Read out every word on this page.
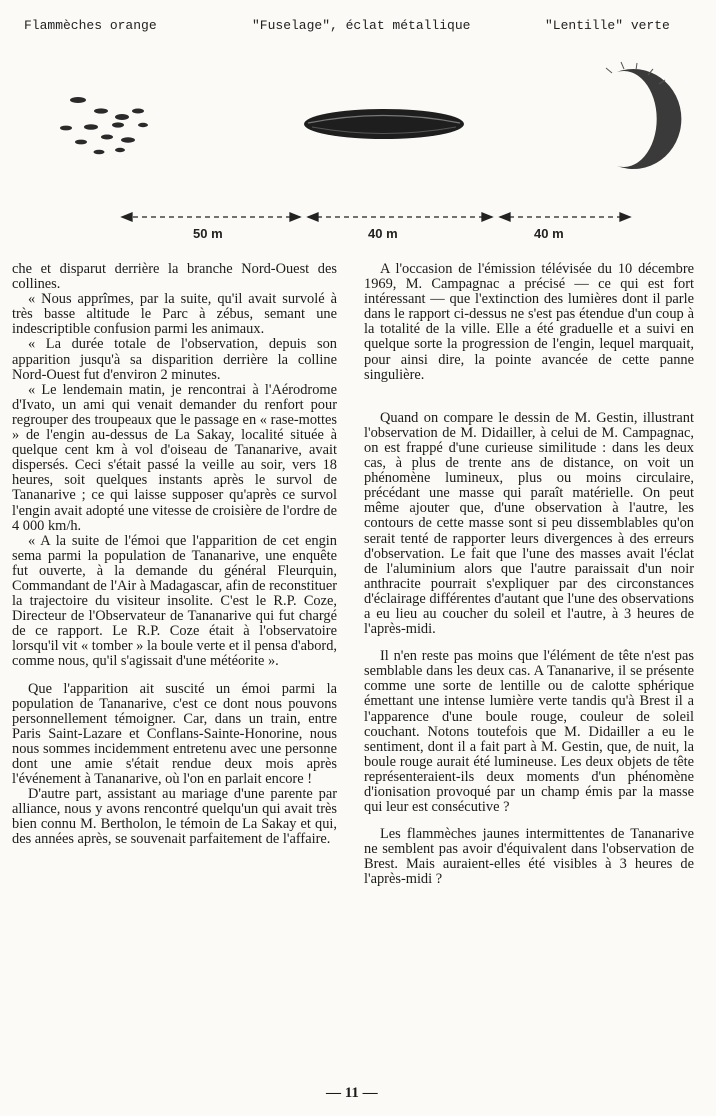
Flammèches orange	"Fuselage", éclat métallique	"Lentille" verte
50 m	40 m	40 m

che et disparut derrière la branche Nord-Ouest des collines.

« Nous apprîmes, par la suite, qu'il avait survolé à très basse altitude le Parc à zébus, semant une indescriptible confusion parmi les animaux.

« La durée totale de l'observation, depuis son apparition jusqu'à sa disparition derrière la colline Nord-Ouest fut d'environ 2 minutes.

« Le lendemain matin, je rencontrai à l'Aérodrome d'Ivato, un ami qui venait demander du renfort pour regrouper des troupeaux que le passage en « rase-mottes » de l'engin au-dessus de La Sakay, localité située à quelque cent km à vol d'oiseau de Tananarive, avait dispersés. Ceci s'était passé la veille au soir, vers 18 heures, soit quelques instants après le survol de Tananarive ; ce qui laisse supposer qu'après ce survol l'engin avait adopté une vitesse de croisière de l'ordre de 4 000 km/h.

« A la suite de l'émoi que l'apparition de cet engin sema parmi la population de Tananarive, une enquête fut ouverte, à la demande du général Fleurquin, Commandant de l'Air à Madagascar, afin de reconstituer la trajectoire du visiteur insolite. C'est le R.P. Coze, Directeur de l'Observateur de Tananarive qui fut chargé de ce rapport. Le R.P. Coze était à l'observatoire lorsqu'il vit « tomber » la boule verte et il pensa d'abord, comme nous, qu'il s'agissait d'une météorite ».

Que l'apparition ait suscité un émoi parmi la population de Tananarive, c'est ce dont nous pouvons personnellement témoigner. Car, dans un train, entre Paris Saint-Lazare et Conflans-Sainte-Honorine, nous nous sommes incidemment entretenu avec une personne dont une amie s'était rendue deux mois après l'événement à Tananarive, où l'on en parlait encore !

D'autre part, assistant au mariage d'une parente par alliance, nous y avons rencontré quelqu'un qui avait très bien connu M. Bertholon, le témoin de La Sakay et qui, des années après, se souvenait parfaitement de l'affaire.

A l'occasion de l'émission télévisée du 10 décembre 1969, M. Campagnac a précisé — ce qui est fort intéressant — que l'extinction des lumières dont il parle dans le rapport ci-dessus ne s'est pas étendue d'un coup à la totalité de la ville. Elle a été graduelle et a suivi en quelque sorte la progression de l'engin, lequel marquait, pour ainsi dire, la pointe avancée de cette panne singulière.

Quand on compare le dessin de M. Gestin, illustrant l'observation de M. Didailler, à celui de M. Campagnac, on est frappé d'une curieuse similitude : dans les deux cas, à plus de trente ans de distance, on voit un phénomène lumineux, plus ou moins circulaire, précédant une masse qui paraît matérielle. On peut même ajouter que, d'une observation à l'autre, les contours de cette masse sont si peu dissemblables qu'on serait tenté de rapporter leurs divergences à des erreurs d'observation. Le fait que l'une des masses avait l'éclat de l'aluminium alors que l'autre paraissait d'un noir anthracite pourrait s'expliquer par des circonstances d'éclairage différentes d'autant que l'une des observations a eu lieu au coucher du soleil et l'autre, à 3 heures de l'après-midi.

Il n'en reste pas moins que l'élément de tête n'est pas semblable dans les deux cas. A Tananarive, il se présente comme une sorte de lentille ou de calotte sphérique émettant une intense lumière verte tandis qu'à Brest il a l'apparence d'une boule rouge, couleur de soleil couchant. Notons toutefois que M. Didailler a eu le sentiment, dont il a fait part à M. Gestin, que, de nuit, la boule rouge aurait été lumineuse. Les deux objets de tête représenteraient-ils deux moments d'un phénomène d'ionisation provoqué par un champ émis par la masse qui leur est consécutive ?

Les flammèches jaunes intermittentes de Tananarive ne semblent pas avoir d'équivalent dans l'observation de Brest. Mais auraient-elles été visibles à 3 heures de l'après-midi ?

— 11 —
